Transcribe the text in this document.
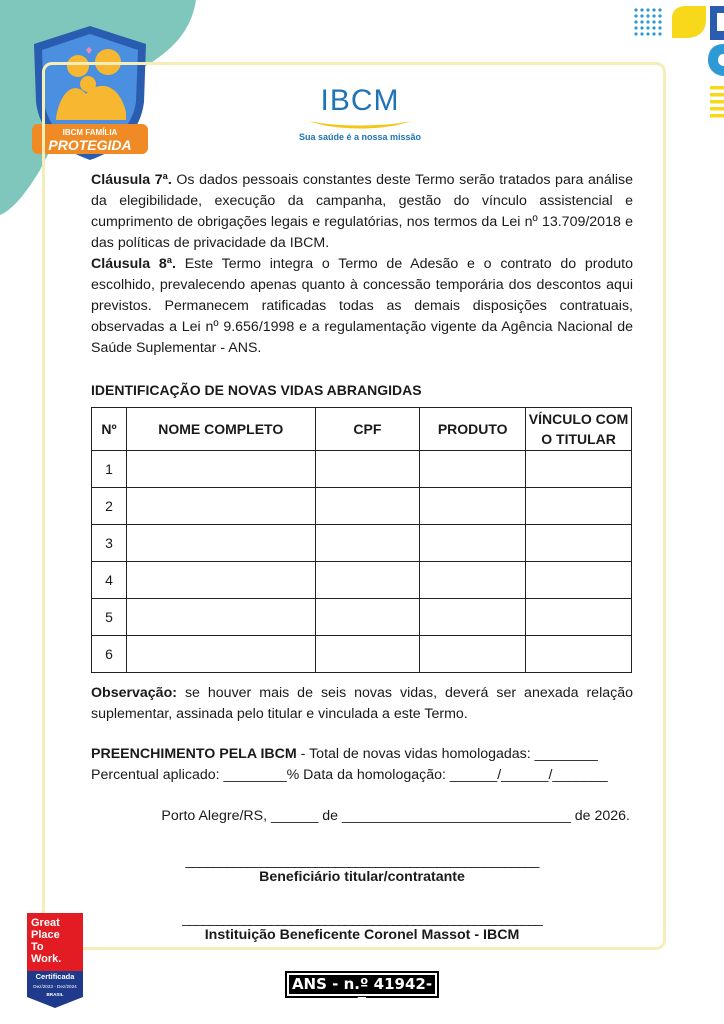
IBCM FAMÍLIA
PROTEGIDA
IBCM
Sua saúde é a nossa missão

Cláusula 7ª. Os dados pessoais constantes deste Termo serão tratados para análise da elegibilidade, execução da campanha, gestão do vínculo assistencial e cumprimento de obrigações legais e regulatórias, nos termos da Lei nº 13.709/2018 e das políticas de privacidade da IBCM.

Cláusula 8ª. Este Termo integra o Termo de Adesão e o contrato do produto escolhido, prevalecendo apenas quanto à concessão temporária dos descontos aqui previstos. Permanecem ratificadas todas as demais disposições contratuais, observadas a Lei nº 9.656/1998 e a regulamentação vigente da Agência Nacional de Saúde Suplementar - ANS.

IDENTIFICAÇÃO DE NOVAS VIDAS ABRANGIDAS
Nº	NOME COMPLETO	CPF	PRODUTO	VÍNCULO COM O TITULAR
1				
2				
3				
4				
5				
6				

Observação: se houver mais de seis novas vidas, deverá ser anexada relação suplementar, assinada pelo titular e vinculada a este Termo.

PREENCHIMENTO PELA IBCM - Total de novas vidas homologadas: ________
Percentual aplicado: ________% Data da homologação: ______/______/_______

Porto Alegre/RS, ______ de _____________________________ de 2026.

____________________________________________________
Beneficiário titular/contratante
_____________________________________________________
Instituição Beneficente Coronel Massot - IBCM
Great
Place
To
Work.
Certificada
Dez/2023 - Dez/2024
BRASIL
ANS - n.º 41942-7
